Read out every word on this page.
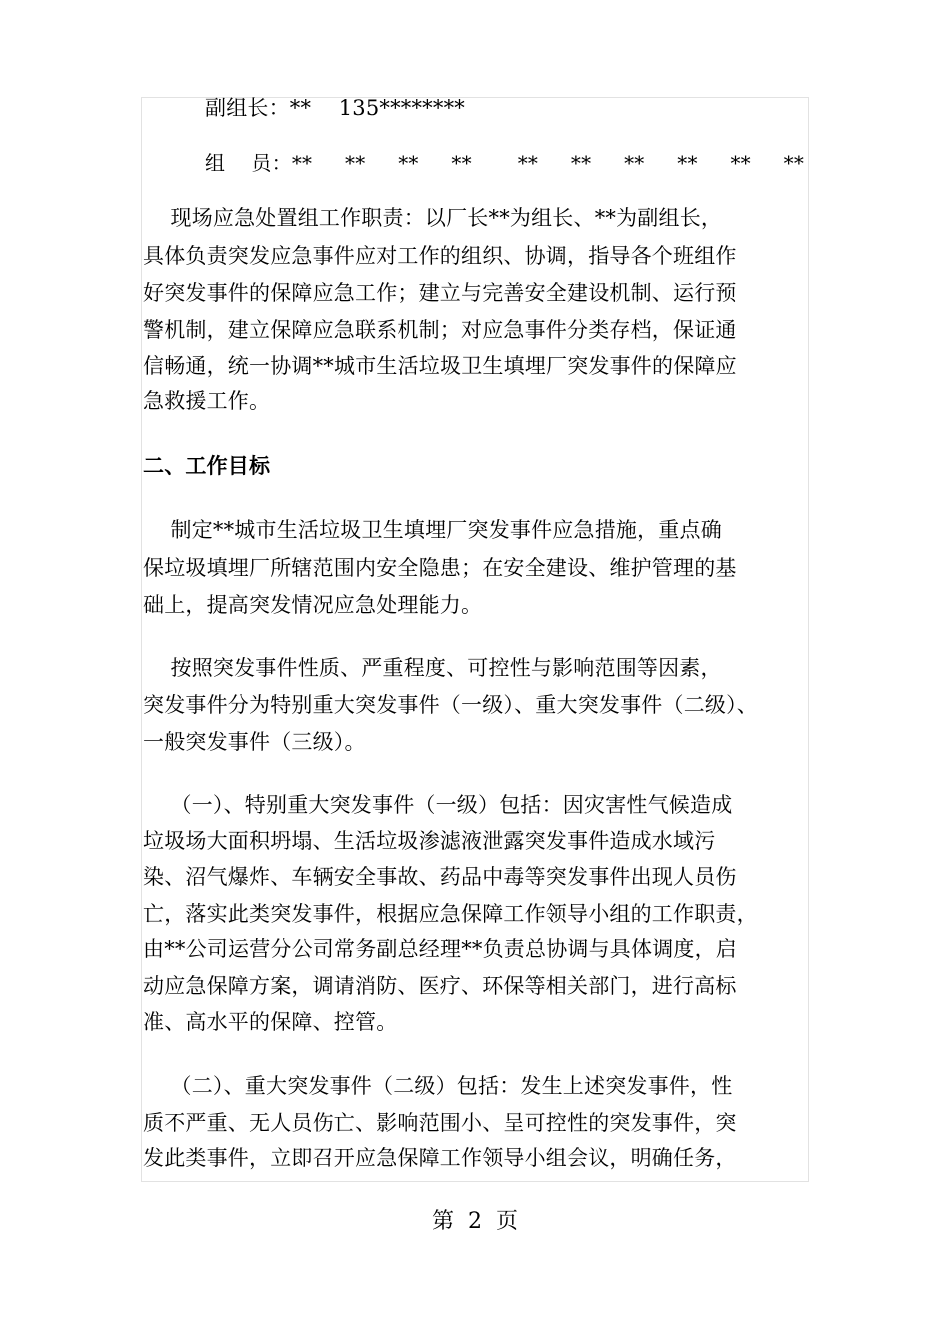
副组长：**    135********
组    员：**     **     **     **       **     **     **     **     **     **
现场应急处置组工作职责：以厂长**为组长、**为副组长，
具体负责突发应急事件应对工作的组织、协调，指导各个班组作
好突发事件的保障应急工作；建立与完善安全建设机制、运行预
警机制，建立保障应急联系机制；对应急事件分类存档，保证通
信畅通，统一协调**城市生活垃圾卫生填埋厂突发事件的保障应
急救援工作。
二、工作目标
制定**城市生活垃圾卫生填埋厂突发事件应急措施，重点确
保垃圾填埋厂所辖范围内安全隐患；在安全建设、维护管理的基
础上，提高突发情况应急处理能力。
按照突发事件性质、严重程度、可控性与影响范围等因素，
突发事件分为特别重大突发事件（一级）、重大突发事件（二级）、
一般突发事件（三级）。
（一）、特别重大突发事件（一级）包括：因灾害性气候造成
垃圾场大面积坍塌、生活垃圾渗滤液泄露突发事件造成水域污
染、沼气爆炸、车辆安全事故、药品中毒等突发事件出现人员伤
亡，落实此类突发事件，根据应急保障工作领导小组的工作职责，
由**公司运营分公司常务副总经理**负责总协调与具体调度，启
动应急保障方案，调请消防、医疗、环保等相关部门，进行高标
准、高水平的保障、控管。
（二）、重大突发事件（二级）包括：发生上述突发事件，性
质不严重、无人员伤亡、影响范围小、呈可控性的突发事件，突
发此类事件，立即召开应急保障工作领导小组会议，明确任务，
第  2  页
